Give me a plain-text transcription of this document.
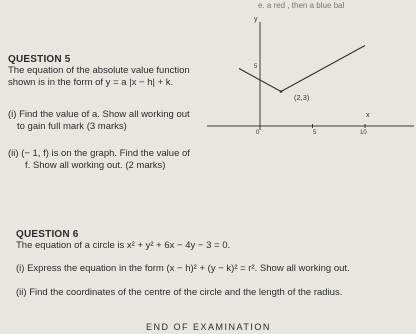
e. a red , then a blue bal
QUESTION 5
The equation of the absolute value function
shown is in the form of y = a |x − h| + k.
(i) Find the value of a. Show all working out
to gain full mark (3 marks)
(ii) (− 1, f) is on the graph. Find the value of
f. Show all working out. (2 marks)
y
x
0	5	10
5
(2,3)
QUESTION 6
The equation of a circle is x² + y² + 6x − 4y − 3 = 0.
(i) Express the equation in the form (x − h)² + (y − k)² = r². Show all working out.
(ii) Find the coordinates of the centre of the circle and the length of the radius.
END OF EXAMINATION
